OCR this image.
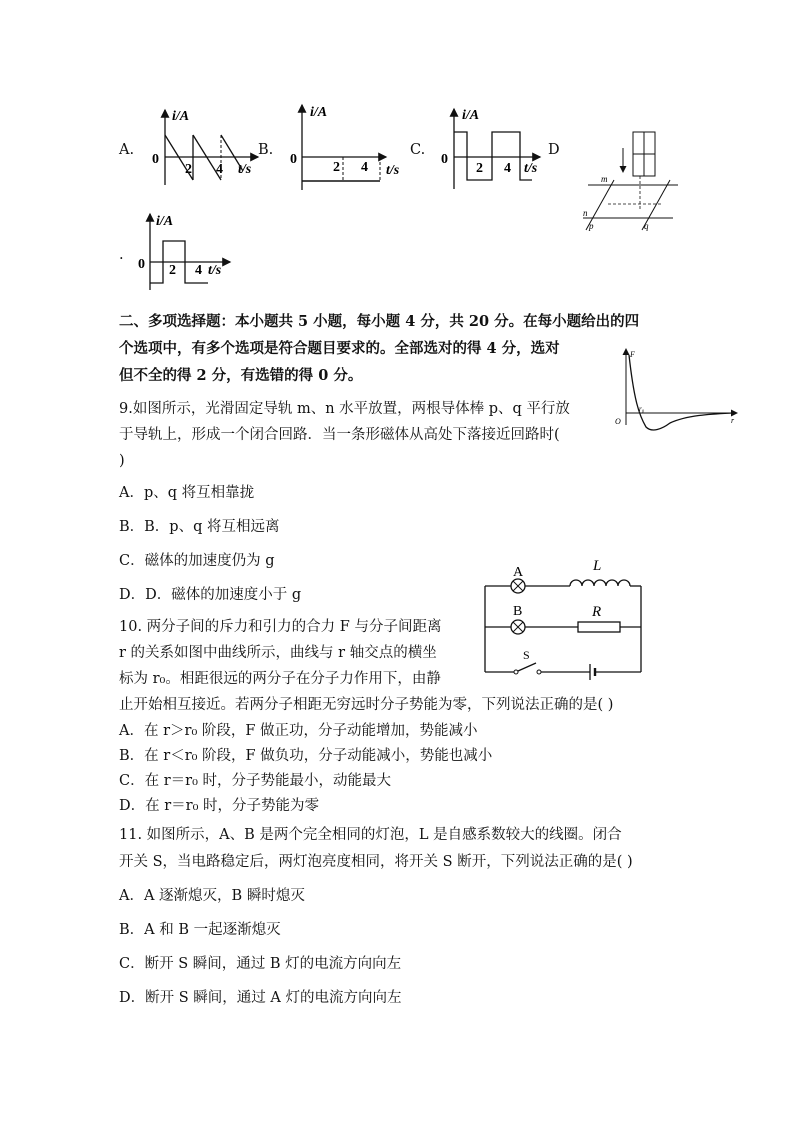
A.	B.	C.	D
.
i/A
0
2 4 t/s
i/A
0
2 4 t/s
i/A
0
2 4 t/s
m
n
p	q
i/A
0 2 4 t/s
二、多项选择题：本小题共 5 小题，每小题 4 分，共 20 分。在每小题给出的四
个选项中，有多个选项是符合题目要求的。全部选对的得 4 分，选对
但不全的得 2 分，有选错的得 0 分。
F
O
r₀
r
9.如图所示，光滑固定导轨 m、n 水平放置，两根导体棒 p、q 平行放
于导轨上，形成一个闭合回路．当一条形磁体从高处下落接近回路时(
)
A．p、q 将互相靠拢
B．B．p、q 将互相远离
C．磁体的加速度仍为 g
D．D．磁体的加速度小于 g
A
B
L
R
S
10. 两分子间的斥力和引力的合力 F 与分子间距离
r 的关系如图中曲线所示，曲线与 r 轴交点的横坐
标为 r₀。相距很远的两分子在分子力作用下，由静
止开始相互接近。若两分子相距无穷远时分子势能为零，下列说法正确的是( )
A．在 r＞r₀ 阶段，F 做正功，分子动能增加，势能减小
B．在 r＜r₀ 阶段，F 做负功，分子动能减小，势能也减小
C．在 r＝r₀ 时，分子势能最小，动能最大
D．在 r＝r₀ 时，分子势能为零
11. 如图所示，A、B 是两个完全相同的灯泡，L 是自感系数较大的线圈。闭合
开关 S，当电路稳定后，两灯泡亮度相同，将开关 S 断开，下列说法正确的是( )
A．A 逐渐熄灭，B 瞬时熄灭
B．A 和 B 一起逐渐熄灭
C．断开 S 瞬间，通过 B 灯的电流方向向左
D．断开 S 瞬间，通过 A 灯的电流方向向左
